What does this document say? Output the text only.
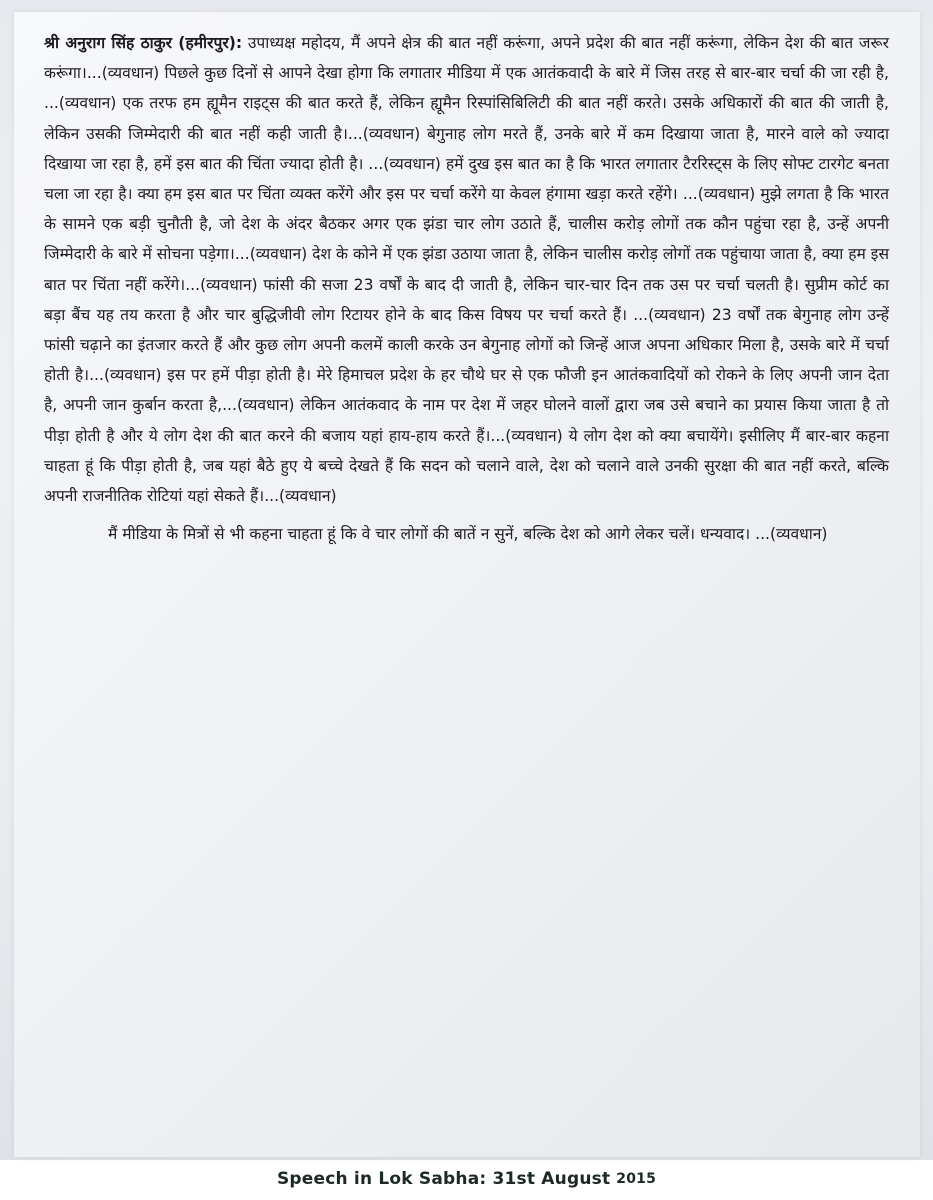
श्री अनुराग सिंह ठाकुर (हमीरपुर): उपाध्यक्ष महोदय, मैं अपने क्षेत्र की बात नहीं करूंगा, अपने प्रदेश की बात नहीं करूंगा, लेकिन देश की बात जरूर करूंगा।...(व्यवधान) पिछले कुछ दिनों से आपने देखा होगा कि लगातार मीडिया में एक आतंकवादी के बारे में जिस तरह से बार-बार चर्चा की जा रही है, ...(व्यवधान) एक तरफ हम ह्यूमैन राइट्स की बात करते हैं, लेकिन ह्यूमैन रिस्पांसिबिलिटी की बात नहीं करते। उसके अधिकारों की बात की जाती है, लेकिन उसकी जिम्मेदारी की बात नहीं कही जाती है।...(व्यवधान) बेगुनाह लोग मरते हैं, उनके बारे में कम दिखाया जाता है, मारने वाले को ज्यादा दिखाया जा रहा है, हमें इस बात की चिंता ज्यादा होती है। ...(व्यवधान) हमें दुख इस बात का है कि भारत लगातार टैररिस्ट्स के लिए सोफ्ट टारगेट बनता चला जा रहा है। क्या हम इस बात पर चिंता व्यक्त करेंगे और इस पर चर्चा करेंगे या केवल हंगामा खड़ा करते रहेंगे। ...(व्यवधान) मुझे लगता है कि भारत के सामने एक बड़ी चुनौती है, जो देश के अंदर बैठकर अगर एक झंडा चार लोग उठाते हैं, चालीस करोड़ लोगों तक कौन पहुंचा रहा है, उन्हें अपनी जिम्मेदारी के बारे में सोचना पड़ेगा।...(व्यवधान) देश के कोने में एक झंडा उठाया जाता है, लेकिन चालीस करोड़ लोगों तक पहुंचाया जाता है, क्या हम इस बात पर चिंता नहीं करेंगे।...(व्यवधान) फांसी की सजा 23 वर्षों के बाद दी जाती है, लेकिन चार-चार दिन तक उस पर चर्चा चलती है। सुप्रीम कोर्ट का बड़ा बैंच यह तय करता है और चार बुद्धिजीवी लोग रिटायर होने के बाद किस विषय पर चर्चा करते हैं। ...(व्यवधान) 23 वर्षों तक बेगुनाह लोग उन्हें फांसी चढ़ाने का इंतजार करते हैं और कुछ लोग अपनी कलमें काली करके उन बेगुनाह लोगों को जिन्हें आज अपना अधिकार मिला है, उसके बारे में चर्चा होती है।...(व्यवधान) इस पर हमें पीड़ा होती है। मेरे हिमाचल प्रदेश के हर चौथे घर से एक फौजी इन आतंकवादियों को रोकने के लिए अपनी जान देता है, अपनी जान कुर्बान करता है,...(व्यवधान) लेकिन आतंकवाद के नाम पर देश में जहर घोलने वालों द्वारा जब उसे बचाने का प्रयास किया जाता है तो पीड़ा होती है और ये लोग देश की बात करने की बजाय यहां हाय-हाय करते हैं।...(व्यवधान) ये लोग देश को क्या बचायेंगे। इसीलिए मैं बार-बार कहना चाहता हूं कि पीड़ा होती है, जब यहां बैठे हुए ये बच्चे देखते हैं कि सदन को चलाने वाले, देश को चलाने वाले उनकी सुरक्षा की बात नहीं करते, बल्कि अपनी राजनीतिक रोटियां यहां सेकते हैं।...(व्यवधान)

मैं मीडिया के मित्रों से भी कहना चाहता हूं कि वे चार लोगों की बातें न सुनें, बल्कि देश को आगे लेकर चलें। धन्यवाद। ...(व्यवधान)

Speech in Lok Sabha: 31st August 2015
